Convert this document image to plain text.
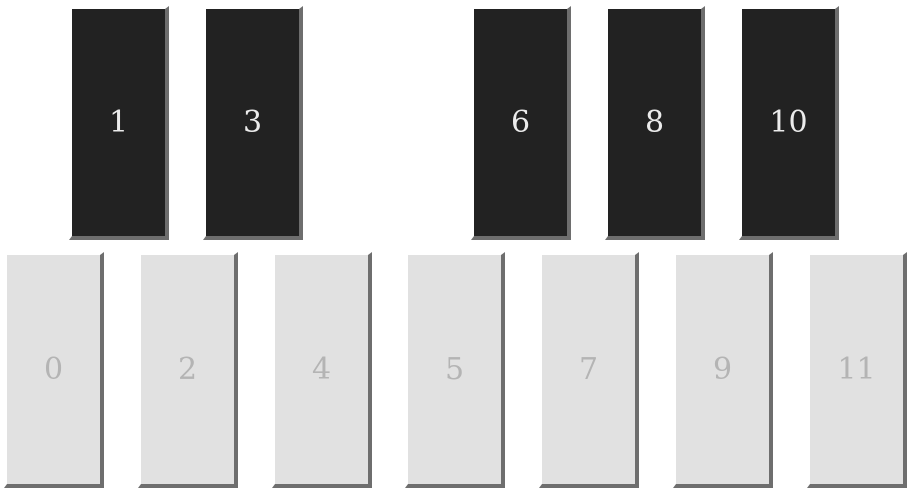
1	3	6	8	10
0	2	4	5	7	9	11
